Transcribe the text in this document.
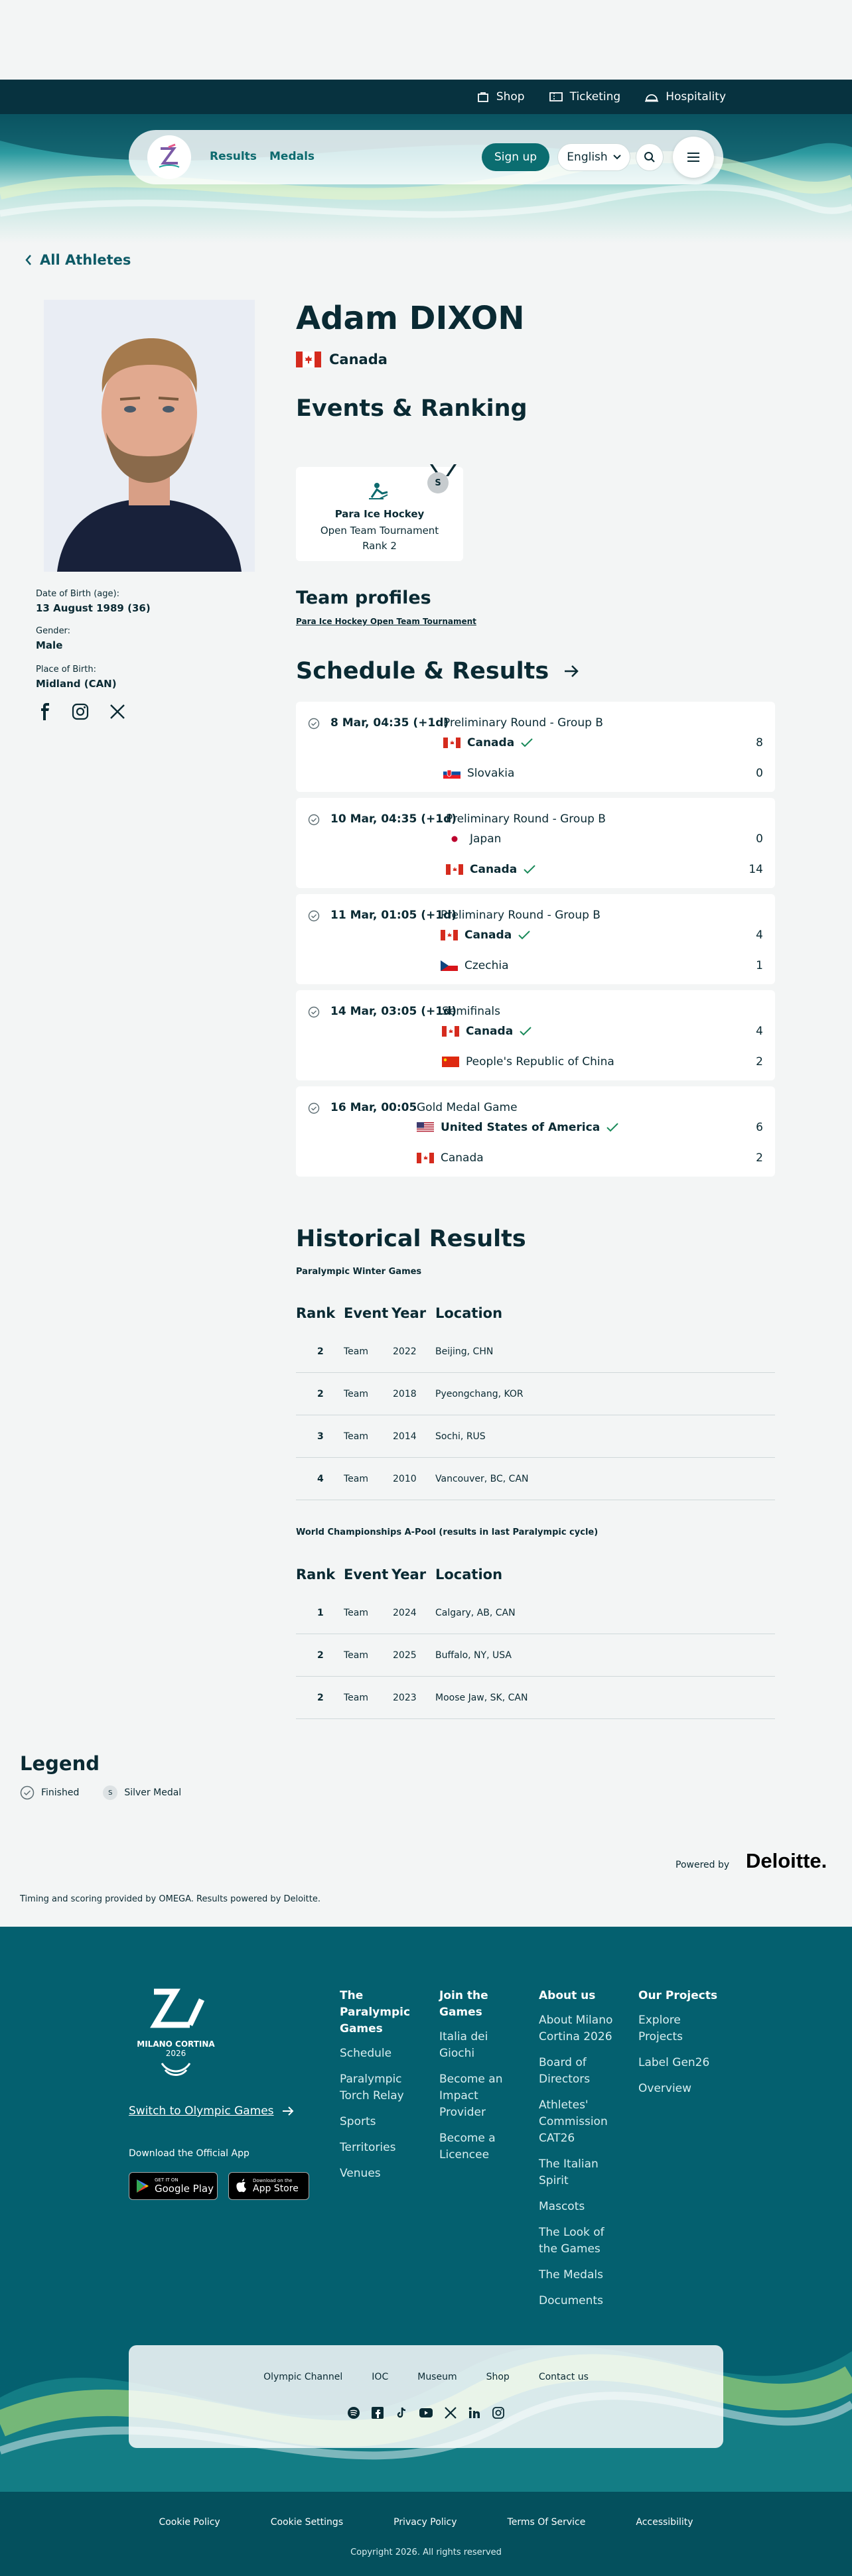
Shop	Ticketing	Hospitality
Results Medals	Sign up	English
All Athletes
Date of Birth (age):
13 August 1989 (36)
Gender:
Male
Place of Birth:
Midland (CAN)
Adam DIXON
Canada
Events & Ranking
S
Para Ice Hockey
Open Team Tournament
Rank 2
Team profiles
Para Ice Hockey Open Team Tournament
Schedule & Results
8 Mar, 04:35 (+1d)
Preliminary Round - Group B
Canada	8
Slovakia	0
10 Mar, 04:35 (+1d)
Preliminary Round - Group B
Japan	0
Canada	14
11 Mar, 01:05 (+1d)
Preliminary Round - Group B
Canada	4
Czechia	1
14 Mar, 03:05 (+1d)
Semifinals
Canada	4
People's Republic of China	2
16 Mar, 00:05 Gold Medal Game
United States of America	6
Canada	2
Historical Results
Paralympic Winter Games
Rank Event Year Location
2 Team	2022 Beijing, CHN
2 Team	2018 Pyeongchang, KOR
3 Team	2014 Sochi, RUS
4 Team	2010 Vancouver, BC, CAN
World Championships A-Pool (results in last Paralympic cycle)
Rank Event Year Location
1 Team	2024 Calgary, AB, CAN
2 Team	2025 Buffalo, NY, USA
2 Team	2023 Moose Jaw, SK, CAN
Legend
Finished	S	Silver Medal
Powered by Deloitte.
Timing and scoring provided by OMEGA. Results powered by Deloitte.
MILANO CORTINA
2026
Switch to Olympic Games
Download the Official App
GET IT ON
Google Play
Download on the
App Store
The Paralympic Games
Schedule
Paralympic Torch Relay
Sports
Territories
Venues
Join the Games
Italia dei Giochi
Become an Impact Provider
Become a Licencee
About us
About Milano Cortina 2026
Board of Directors
Athletes' Commission CAT26
The Italian Spirit
Mascots
The Look of the Games
The Medals
Documents
Our Projects
Explore Projects
Label Gen26
Overview
Olympic Channel	IOC	Museum	Shop	Contact us
Cookie Policy	Cookie Settings	Privacy Policy	Terms Of Service	Accessibility
Copyright 2026. All rights reserved
